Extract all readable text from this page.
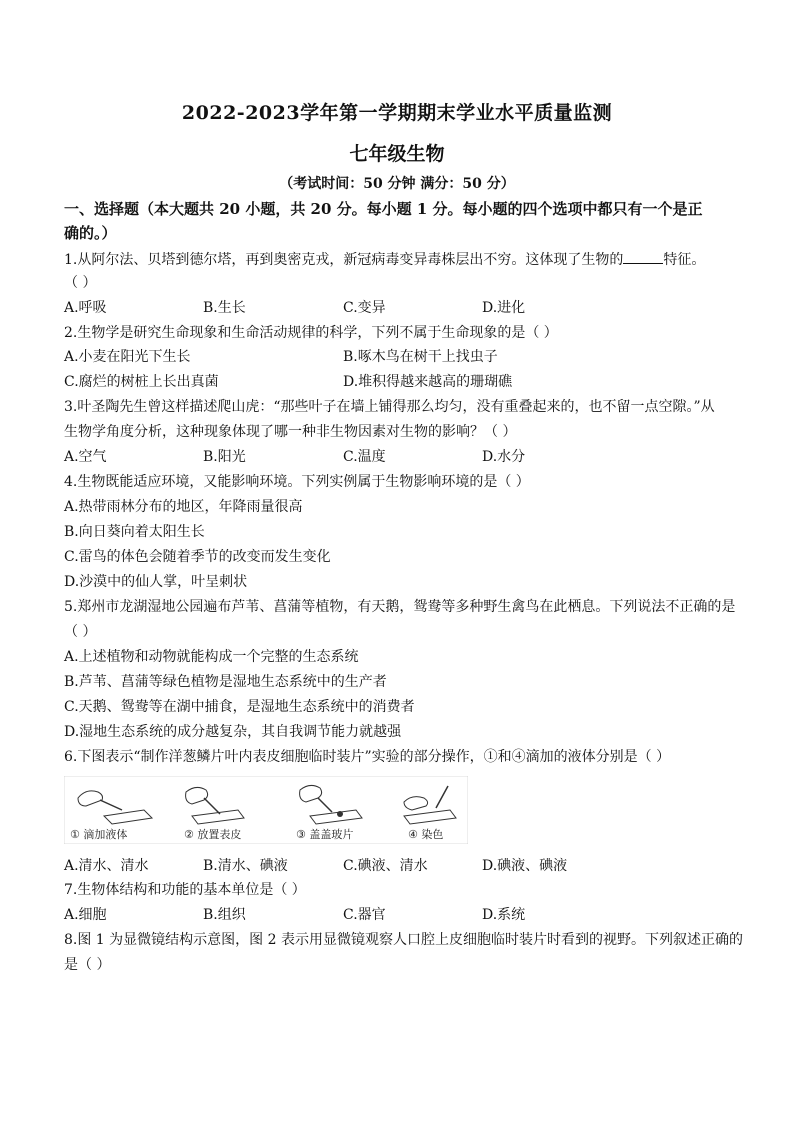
2022-2023学年第一学期期末学业水平质量监测
七年级生物
（考试时间：50 分钟 满分：50 分）
一、选择题（本大题共 20 小题，共 20 分。每小题 1 分。每小题的四个选项中都只有一个是正
确的。）
1.从阿尔法、贝塔到德尔塔，再到奥密克戎，新冠病毒变异毒株层出不穷。这体现了生物的	特征。
（ ）
A.呼吸	B.生长	C.变异	D.进化
2.生物学是研究生命现象和生命活动规律的科学，下列不属于生命现象的是（ ）
A.小麦在阳光下生长	B.啄木鸟在树干上找虫子
C.腐烂的树桩上长出真菌	D.堆积得越来越高的珊瑚礁
3.叶圣陶先生曾这样描述爬山虎：“那些叶子在墙上铺得那么均匀，没有重叠起来的，也不留一点空隙。”从
生物学角度分析，这种现象体现了哪一种非生物因素对生物的影响？（ ）
A.空气	B.阳光	C.温度	D.水分
4.生物既能适应环境，又能影响环境。下列实例属于生物影响环境的是（ ）
A.热带雨林分布的地区，年降雨量很高
B.向日葵向着太阳生长
C.雷鸟的体色会随着季节的改变而发生变化
D.沙漠中的仙人掌，叶呈刺状
5.郑州市龙湖湿地公园遍布芦苇、菖蒲等植物，有天鹅，鸳鸯等多种野生禽鸟在此栖息。下列说法不正确的是
（ ）
A.上述植物和动物就能构成一个完整的生态系统
B.芦苇、菖蒲等绿色植物是湿地生态系统中的生产者
C.天鹅、鸳鸯等在湖中捕食，是湿地生态系统中的消费者
D.湿地生态系统的成分越复杂，其自我调节能力就越强
6.下图表示“制作洋葱鳞片叶内表皮细胞临时装片”实验的部分操作，①和④滴加的液体分别是（ ）
① 滴加液体	② 放置表皮	③ 盖盖玻片	④ 染色
A.清水、清水	B.清水、碘液	C.碘液、清水	D.碘液、碘液
7.生物体结构和功能的基本单位是（ ）
A.细胞	B.组织	C.器官	D.系统
8.图 1 为显微镜结构示意图，图 2 表示用显微镜观察人口腔上皮细胞临时装片时看到的视野。下列叙述正确的
是（ ）
